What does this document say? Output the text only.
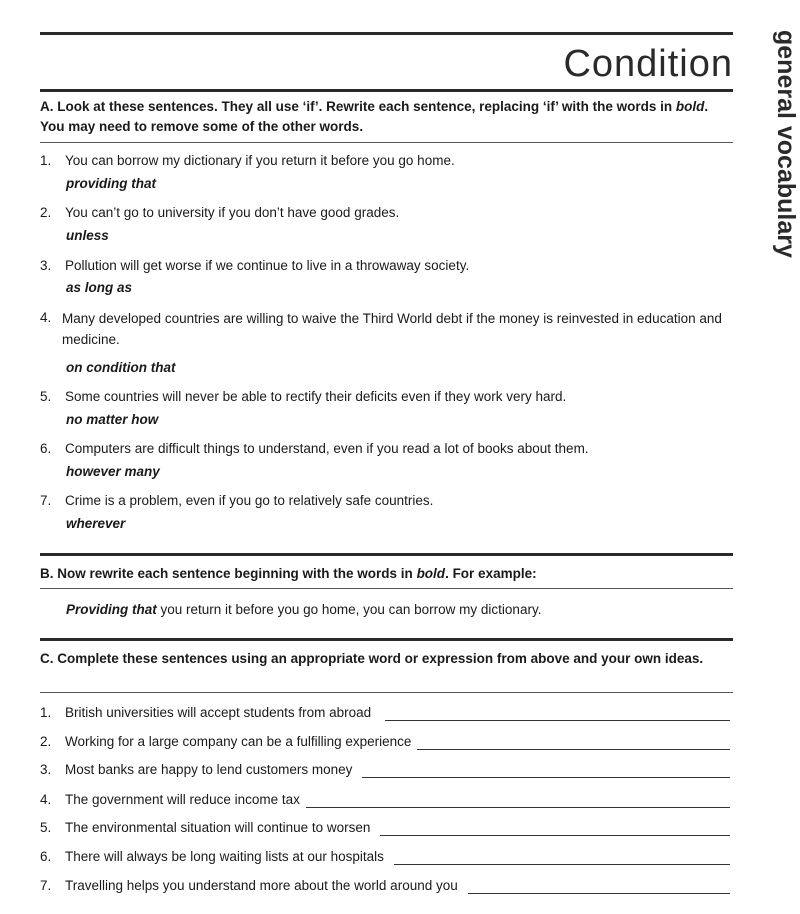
Condition general vocabulary
A. Look at these sentences. They all use ‘if’. Rewrite each sentence, replacing ‘if’ with the words in bold. You may need to remove some of the other words.
1. You can borrow my dictionary if you return it before you go home.
providing that
2. You can’t go to university if you don’t have good grades.
unless
3. Pollution will get worse if we continue to live in a throwaway society.
as long as
4. Many developed countries are willing to waive the Third World debt if the money is reinvested in education and medicine.
on condition that
5. Some countries will never be able to rectify their deficits even if they work very hard.
no matter how
6. Computers are difficult things to understand, even if you read a lot of books about them.
however many
7. Crime is a problem, even if you go to relatively safe countries.
wherever
B. Now rewrite each sentence beginning with the words in bold. For example:
Providing that you return it before you go home, you can borrow my dictionary.
C. Complete these sentences using an appropriate word or expression from above and your own ideas.
1.	British universities will accept students from abroad
2.	Working for a large company can be a fulfilling experience
3.	Most banks are happy to lend customers money
4.	The government will reduce income tax
5.	The environmental situation will continue to worsen
6.	There will always be long waiting lists at our hospitals
7.	Travelling helps you understand more about the world around you
